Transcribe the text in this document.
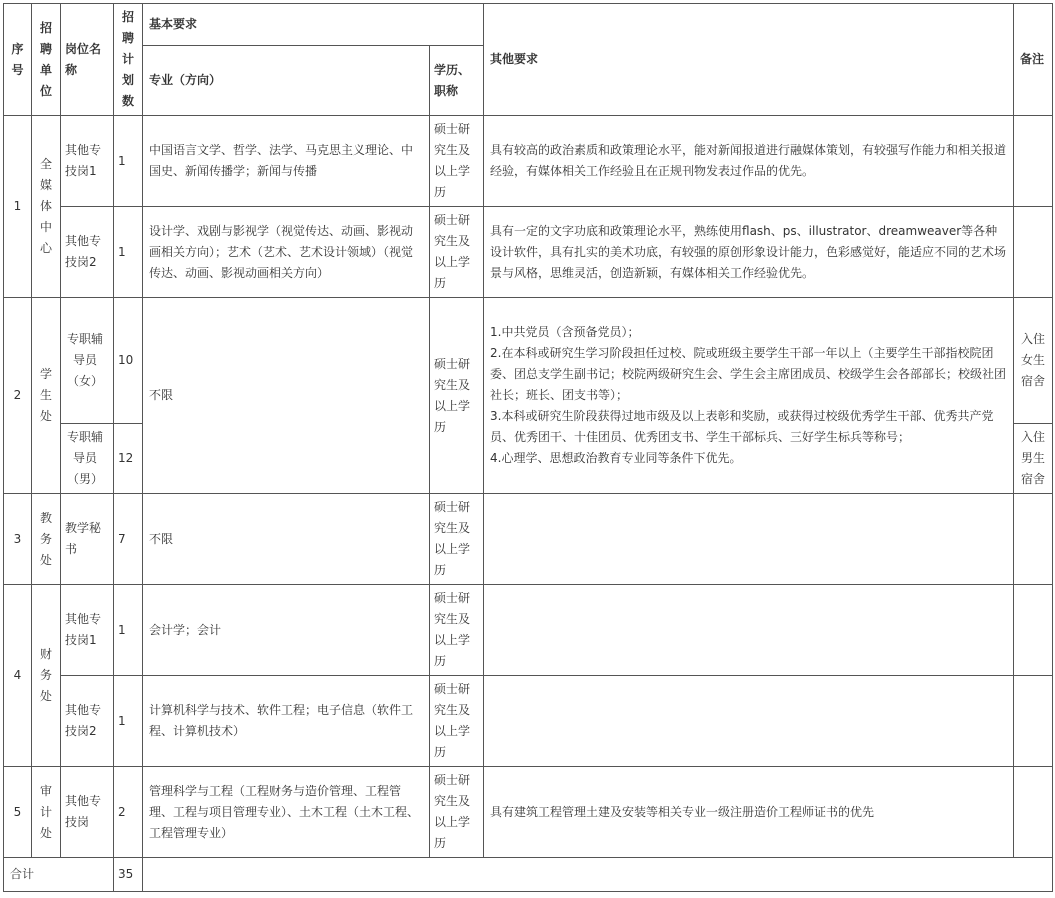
序号	招聘单位	岗位名称	招聘计划数	基本要求		其他要求	备注
				专业（方向）	学历、职称		
1	全媒体中心	其他专技岗1	1	中国语言文学、哲学、法学、马克思主义理论、中国史、新闻传播学；新闻与传播	硕士研究生及以上学历	具有较高的政治素质和政策理论水平，能对新闻报道进行融媒体策划，有较强写作能力和相关报道经验，有媒体相关工作经验且在正规刊物发表过作品的优先。	
		其他专技岗2	1	设计学、戏剧与影视学（视觉传达、动画、影视动画相关方向）；艺术（艺术、艺术设计领域）（视觉传达、动画、影视动画相关方向）	硕士研究生及以上学历	具有一定的文字功底和政策理论水平，熟练使用flash、ps、illustrator、dreamweaver等各种设计软件，具有扎实的美术功底，有较强的原创形象设计能力，色彩感觉好，能适应不同的艺术场景与风格，思维灵活，创造新颖，有媒体相关工作经验优先。	
2	学生处	专职辅导员（女）	10	不限	硕士研究生及以上学历	1.中共党员（含预备党员）；
2.在本科或研究生学习阶段担任过校、院或班级主要学生干部一年以上（主要学生干部指校院团委、团总支学生副书记；校院两级研究生会、学生会主席团成员、校级学生会各部部长；校级社团社长；班长、团支书等）；
3.本科或研究生阶段获得过地市级及以上表彰和奖励，或获得过校级优秀学生干部、优秀共产党员、优秀团干、十佳团员、优秀团支书、学生干部标兵、三好学生标兵等称号；
4.心理学、思想政治教育专业同等条件下优先。	入住女生宿舍
		专职辅导员（男）	12				入住男生宿舍
3	教务处	教学秘书	7	不限	硕士研究生及以上学历		
4	财务处	其他专技岗1	1	会计学；会计	硕士研究生及以上学历		
		其他专技岗2	1	计算机科学与技术、软件工程；电子信息（软件工程、计算机技术）	硕士研究生及以上学历		
5	审计处	其他专技岗	2	管理科学与工程（工程财务与造价管理、工程管理、工程与项目管理专业）、土木工程（土木工程、工程管理专业）	硕士研究生及以上学历	具有建筑工程管理土建及安装等相关专业一级注册造价工程师证书的优先	
合计			35				
